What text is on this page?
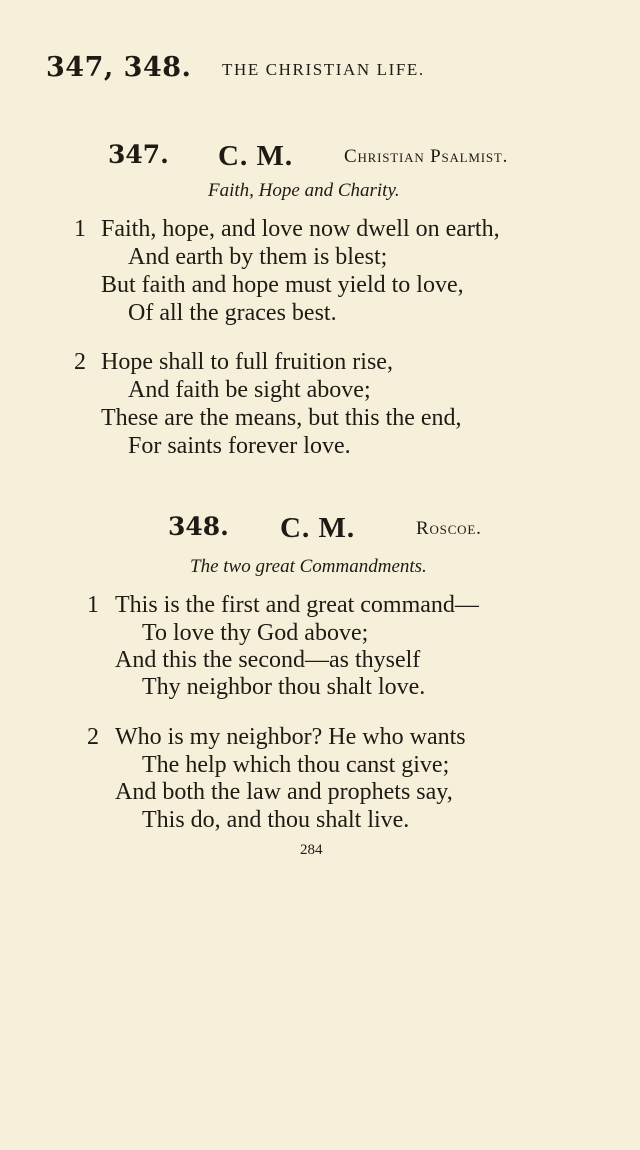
347, 348. THE CHRISTIAN LIFE.
347. C. M.	Christian Psalmist.
Faith, Hope and Charity.
1 Faith, hope, and love now dwell on earth,
And earth by them is blest;
But faith and hope must yield to love,
Of all the graces best.
2 Hope shall to full fruition rise,
And faith be sight above;
These are the means, but this the end,
For saints forever love.
348. C. M.	Roscoe.
The two great Commandments.
1 This is the first and great command—
To love thy God above;
And this the second—as thyself
Thy neighbor thou shalt love.
2 Who is my neighbor? He who wants
The help which thou canst give;
And both the law and prophets say,
This do, and thou shalt live.
284
